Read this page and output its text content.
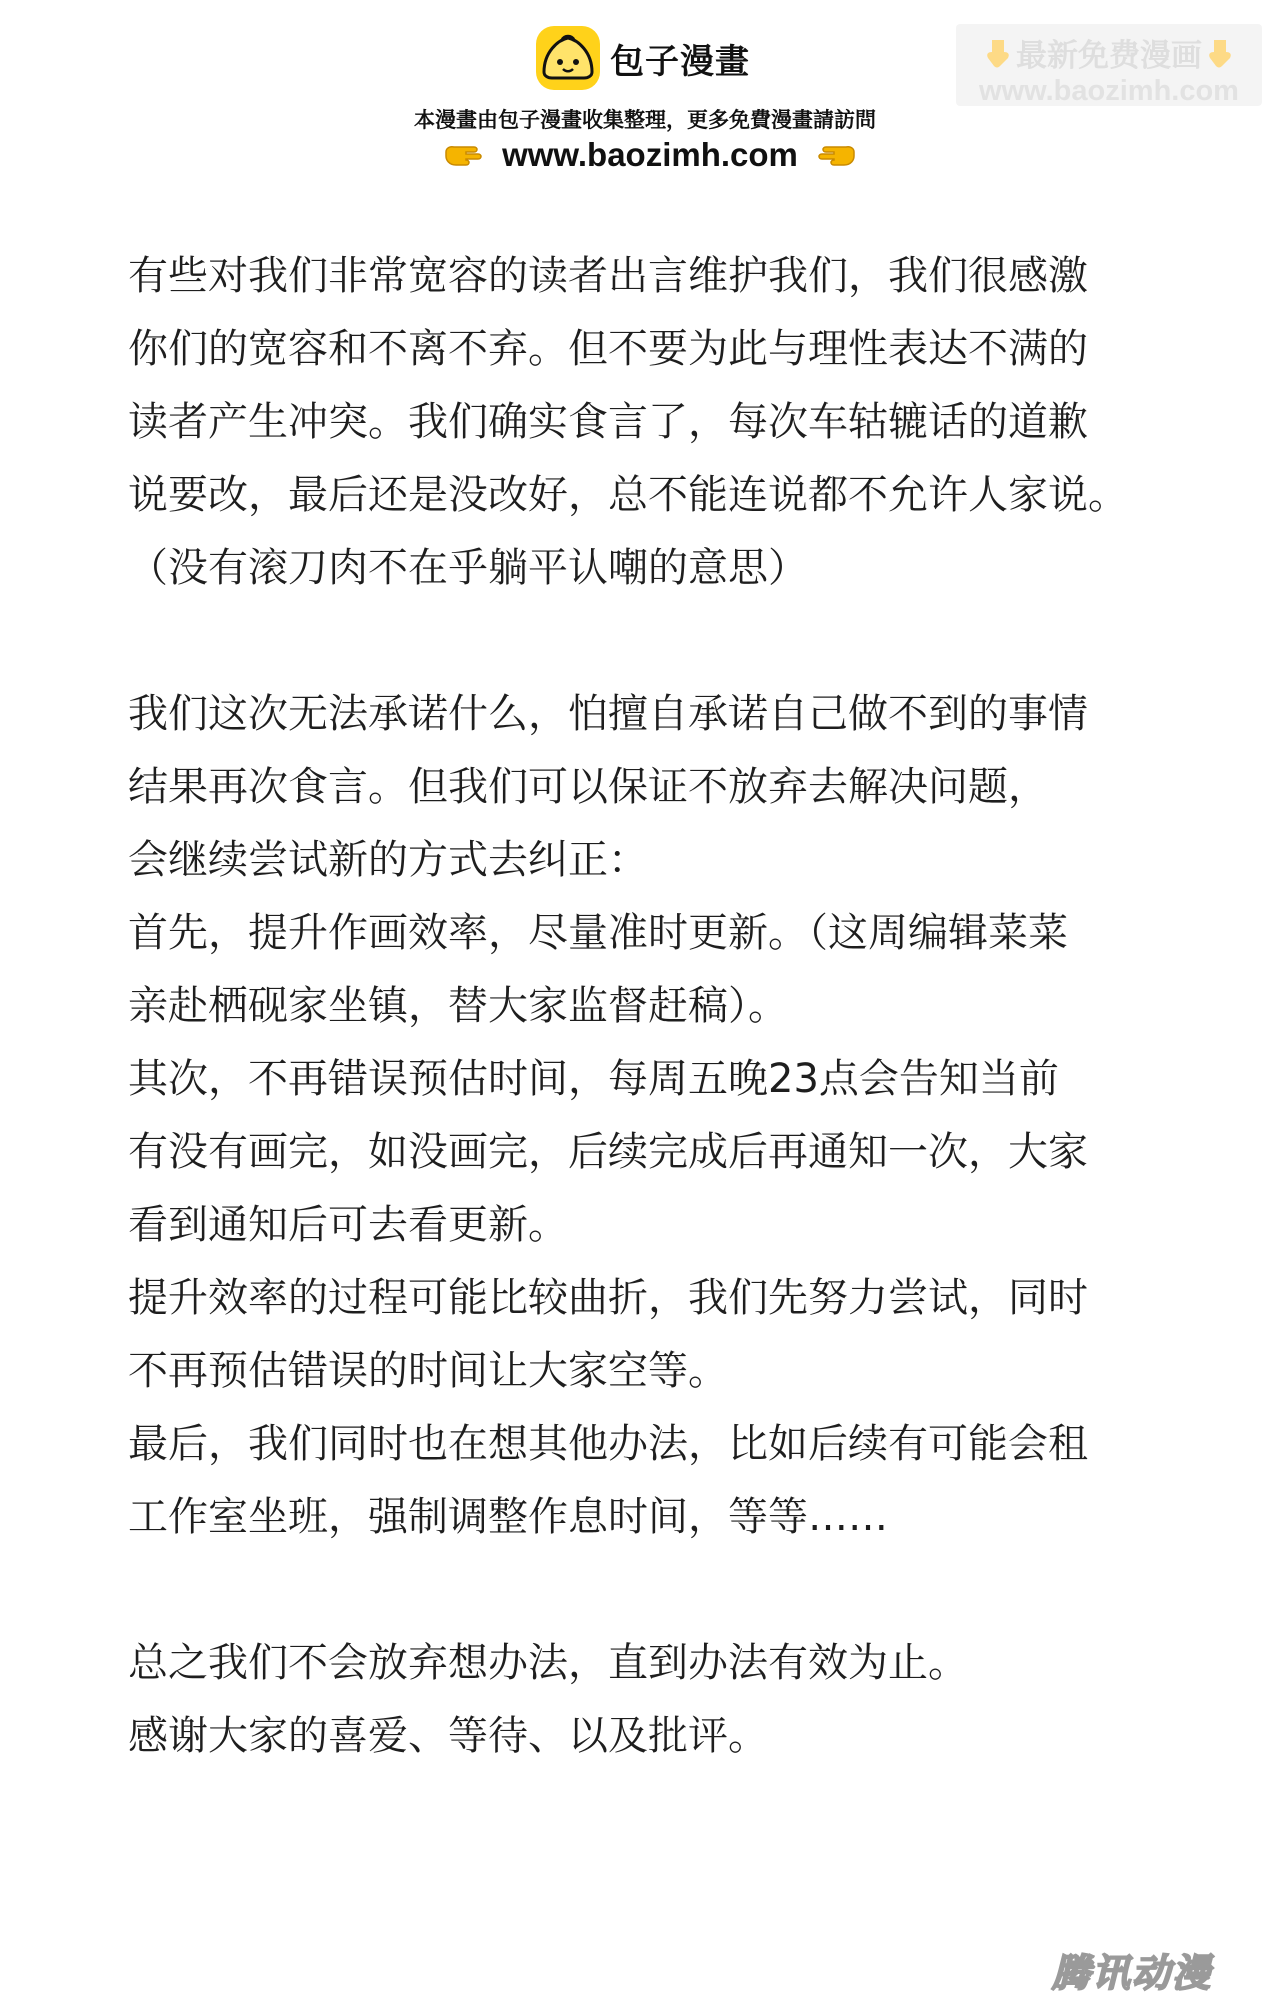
包子漫畫
本漫畫由包子漫畫收集整理，更多免費漫畫請訪問
www.baozimh.com
最新免费漫画
www.baozimh.com
有些对我们非常宽容的读者出言维护我们，我们很感激
你们的宽容和不离不弃。但不要为此与理性表达不满的
读者产生冲突。我们确实食言了，每次车轱辘话的道歉
说要改，最后还是没改好，总不能连说都不允许人家说。
（没有滚刀肉不在乎躺平认嘲的意思）
我们这次无法承诺什么，怕擅自承诺自己做不到的事情
结果再次食言。但我们可以保证不放弃去解决问题，
会继续尝试新的方式去纠正：
首先，提升作画效率，尽量准时更新。（这周编辑菜菜
亲赴栖砚家坐镇，替大家监督赶稿）。
其次，不再错误预估时间，每周五晚23点会告知当前
有没有画完，如没画完，后续完成后再通知一次，大家
看到通知后可去看更新。
提升效率的过程可能比较曲折，我们先努力尝试，同时
不再预估错误的时间让大家空等。
最后，我们同时也在想其他办法，比如后续有可能会租
工作室坐班，强制调整作息时间，等等……
总之我们不会放弃想办法，直到办法有效为止。
感谢大家的喜爱、等待、以及批评。
腾讯动漫
